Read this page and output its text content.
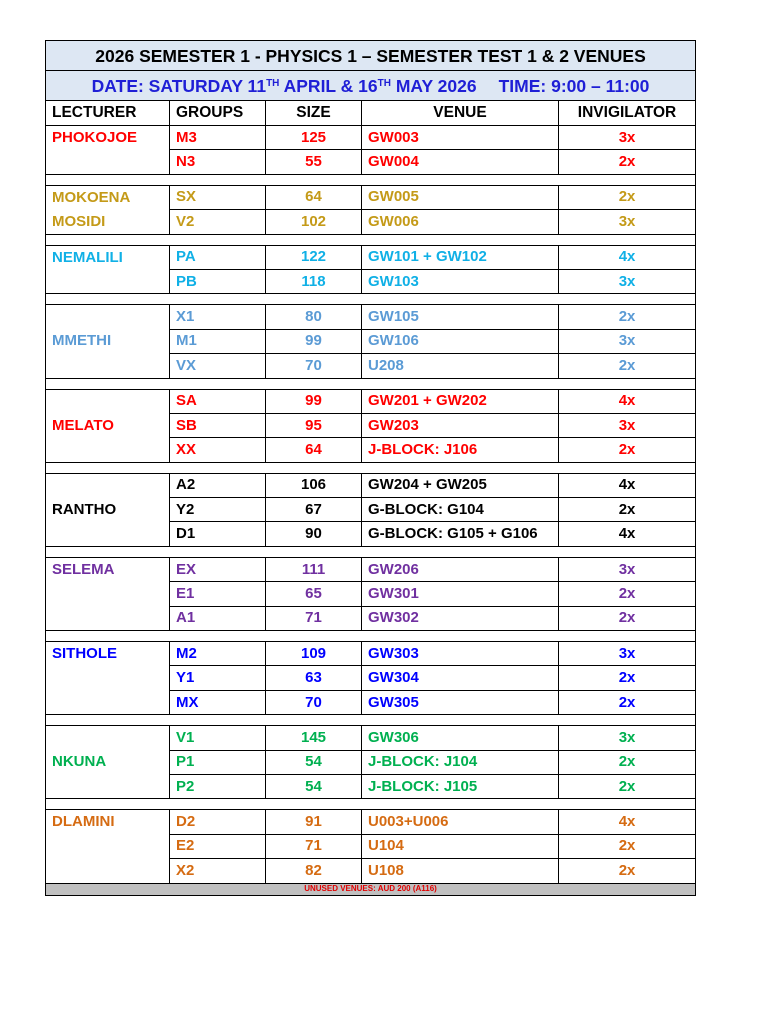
2026 SEMESTER 1 - PHYSICS 1 – SEMESTER TEST 1 & 2 VENUES				
DATE: SATURDAY 11TH APRIL & 16TH MAY 2026 TIME: 9:00 – 11:00				
LECTURER	GROUPS	SIZE	VENUE	INVIGILATOR
PHOKOJOE	M3	125	GW003	3x
	N3	55	GW004	2x

MOKOENA	SX	64	GW005	2x
MOSIDI	V2	102	GW006	3x

NEMALILI	PA	122	GW101 + GW102	4x
	PB	118	GW103	3x

	X1	80	GW105	2x
MMETHI	M1	99	GW106	3x
	VX	70	U208	2x

	SA	99	GW201 + GW202	4x
MELATO	SB	95	GW203	3x
	XX	64	J-BLOCK: J106	2x

	A2	106	GW204 + GW205	4x
RANTHO	Y2	67	G-BLOCK: G104	2x
	D1	90	G-BLOCK: G105 + G106	4x

SELEMA	EX	111	GW206	3x
	E1	65	GW301	2x
	A1	71	GW302	2x

SITHOLE	M2	109	GW303	3x
	Y1	63	GW304	2x
	MX	70	GW305	2x

	V1	145	GW306	3x
NKUNA	P1	54	J-BLOCK: J104	2x
	P2	54	J-BLOCK: J105	2x

DLAMINI	D2	91	U003+U006	4x
	E2	71	U104	2x
	X2	82	U108	2x
UNUSED VENUES: AUD 200 (A116)				
